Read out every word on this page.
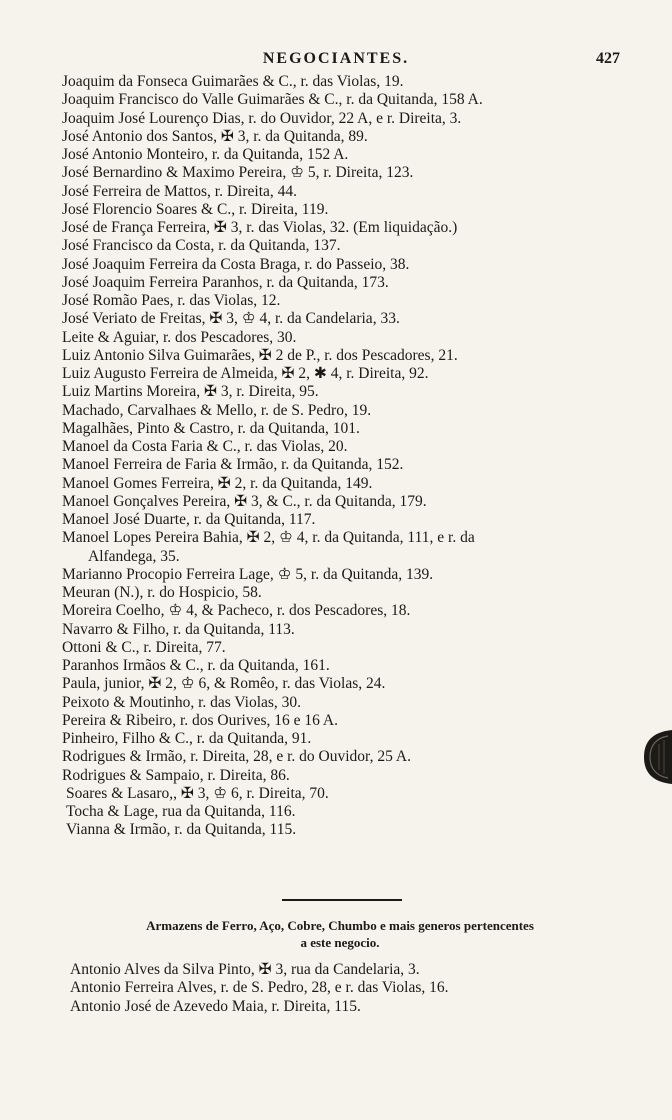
NEGOCIANTES.	427
Joaquim da Fonseca Guimarães & C., r. das Violas, 19.
Joaquim Francisco do Valle Guimarães & C., r. da Quitanda, 158 A.
Joaquim José Lourenço Dias, r. do Ouvidor, 22 A, e r. Direita, 3.
José Antonio dos Santos, ✠ 3, r. da Quitanda, 89.
José Antonio Monteiro, r. da Quitanda, 152 A.
José Bernardino & Maximo Pereira, ♔ 5, r. Direita, 123.
José Ferreira de Mattos, r. Direita, 44.
José Florencio Soares & C., r. Direita, 119.
José de França Ferreira, ✠ 3, r. das Violas, 32. (Em liquidação.)
José Francisco da Costa, r. da Quitanda, 137.
José Joaquim Ferreira da Costa Braga, r. do Passeio, 38.
José Joaquim Ferreira Paranhos, r. da Quitanda, 173.
José Romão Paes, r. das Violas, 12.
José Veriato de Freitas, ✠ 3, ♔ 4, r. da Candelaria, 33.
Leite & Aguiar, r. dos Pescadores, 30.
Luiz Antonio Silva Guimarães, ✠ 2 de P., r. dos Pescadores, 21.
Luiz Augusto Ferreira de Almeida, ✠ 2, ✱ 4, r. Direita, 92.
Luiz Martins Moreira, ✠ 3, r. Direita, 95.
Machado, Carvalhaes & Mello, r. de S. Pedro, 19.
Magalhães, Pinto & Castro, r. da Quitanda, 101.
Manoel da Costa Faria & C., r. das Violas, 20.
Manoel Ferreira de Faria & Irmão, r. da Quitanda, 152.
Manoel Gomes Ferreira, ✠ 2, r. da Quitanda, 149.
Manoel Gonçalves Pereira, ✠ 3, & C., r. da Quitanda, 179.
Manoel José Duarte, r. da Quitanda, 117.
Manoel Lopes Pereira Bahia, ✠ 2, ♔ 4, r. da Quitanda, 111, e r. da
Alfandega, 35.
Marianno Procopio Ferreira Lage, ♔ 5, r. da Quitanda, 139.
Meuran (N.), r. do Hospicio, 58.
Moreira Coelho, ♔ 4, & Pacheco, r. dos Pescadores, 18.
Navarro & Filho, r. da Quitanda, 113.
Ottoni & C., r. Direita, 77.
Paranhos Irmãos & C., r. da Quitanda, 161.
Paula, junior, ✠ 2, ♔ 6, & Romêo, r. das Violas, 24.
Peixoto & Moutinho, r. das Violas, 30.
Pereira & Ribeiro, r. dos Ourives, 16 e 16 A.
Pinheiro, Filho & C., r. da Quitanda, 91.
Rodrigues & Irmão, r. Direita, 28, e r. do Ouvidor, 25 A.
Rodrigues & Sampaio, r. Direita, 86.
Soares & Lasaro,, ✠ 3, ♔ 6, r. Direita, 70.
Tocha & Lage, rua da Quitanda, 116.
Vianna & Irmão, r. da Quitanda, 115.
Armazens de Ferro, Aço, Cobre, Chumbo e mais generos pertencentes
a este negocio.
Antonio Alves da Silva Pinto, ✠ 3, rua da Candelaria, 3.
Antonio Ferreira Alves, r. de S. Pedro, 28, e r. das Violas, 16.
Antonio José de Azevedo Maia, r. Direita, 115.
